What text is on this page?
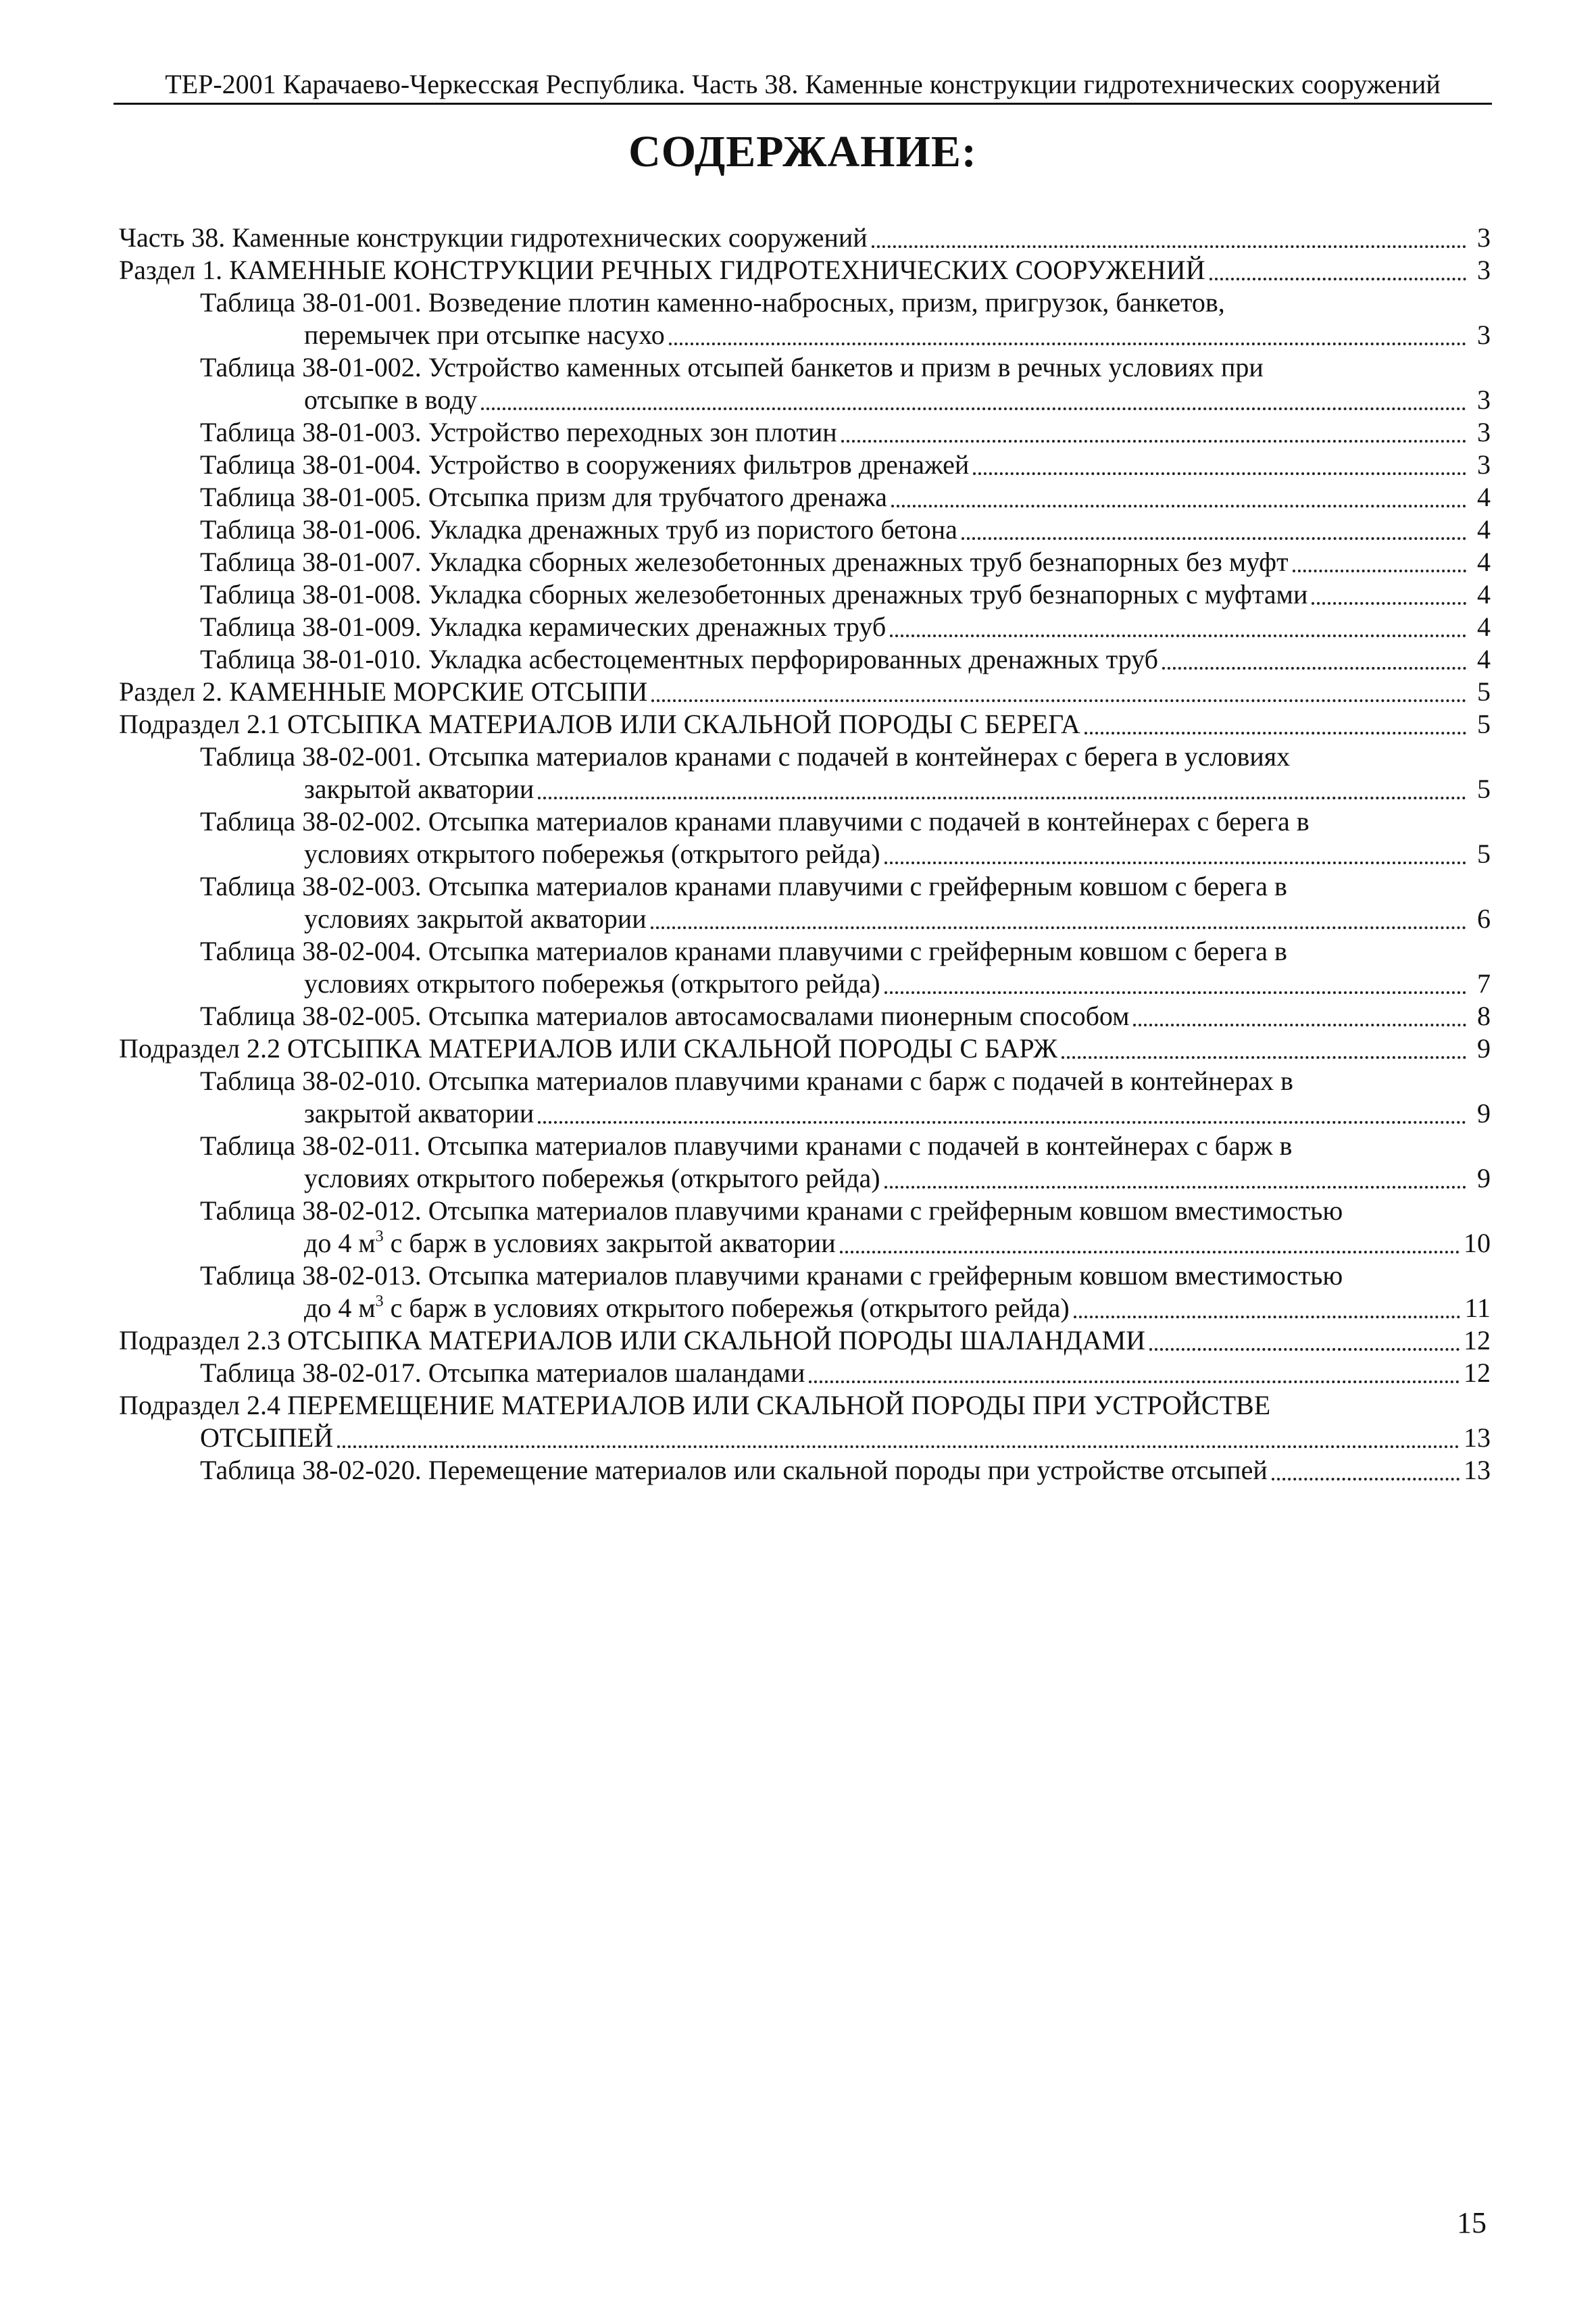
ТЕР-2001 Карачаево-Черкесская Республика. Часть 38. Каменные конструкции гидротехнических сооружений
СОДЕРЖАНИЕ:
Часть 38. Каменные конструкции гидротехнических сооружений	3
Раздел 1. КАМЕННЫЕ КОНСТРУКЦИИ РЕЧНЫХ ГИДРОТЕХНИЧЕСКИХ СООРУЖЕНИЙ	3
Таблица 38-01-001. Возведение плотин каменно-набросных, призм, пригрузок, банкетов,
перемычек при отсыпке насухо	3
Таблица 38-01-002. Устройство каменных отсыпей банкетов и призм в речных условиях при
отсыпке в воду	3
Таблица 38-01-003. Устройство переходных зон плотин	3
Таблица 38-01-004. Устройство в сооружениях фильтров дренажей	3
Таблица 38-01-005. Отсыпка призм для трубчатого дренажа	4
Таблица 38-01-006. Укладка дренажных труб из пористого бетона	4
Таблица 38-01-007. Укладка сборных железобетонных дренажных труб безнапорных без муфт	4
Таблица 38-01-008. Укладка сборных железобетонных дренажных труб безнапорных с муфтами	4
Таблица 38-01-009. Укладка керамических дренажных труб	4
Таблица 38-01-010. Укладка асбестоцементных перфорированных дренажных труб	4
Раздел 2. КАМЕННЫЕ МОРСКИЕ ОТСЫПИ	5
Подраздел 2.1 ОТСЫПКА МАТЕРИАЛОВ ИЛИ СКАЛЬНОЙ ПОРОДЫ С БЕРЕГА	5
Таблица 38-02-001. Отсыпка материалов кранами с подачей в контейнерах с берега в условиях
закрытой акватории	5
Таблица 38-02-002. Отсыпка материалов кранами плавучими с подачей в контейнерах с берега в
условиях открытого побережья (открытого рейда)	5
Таблица 38-02-003. Отсыпка материалов кранами плавучими с грейферным ковшом с берега в
условиях закрытой акватории	6
Таблица 38-02-004. Отсыпка материалов кранами плавучими с грейферным ковшом с берега в
условиях открытого побережья (открытого рейда)	7
Таблица 38-02-005. Отсыпка материалов автосамосвалами пионерным способом	8
Подраздел 2.2 ОТСЫПКА МАТЕРИАЛОВ ИЛИ СКАЛЬНОЙ ПОРОДЫ С БАРЖ	9
Таблица 38-02-010. Отсыпка материалов плавучими кранами с барж с подачей в контейнерах в
закрытой акватории	9
Таблица 38-02-011. Отсыпка материалов плавучими кранами с подачей в контейнерах с барж в
условиях открытого побережья (открытого рейда)	9
Таблица 38-02-012. Отсыпка материалов плавучими кранами с грейферным ковшом вместимостью
до 4 $м^3$ с барж в условиях закрытой акватории	10
Таблица 38-02-013. Отсыпка материалов плавучими кранами с грейферным ковшом вместимостью
до 4 $м^3$ с барж в условиях открытого побережья (открытого рейда)	11
Подраздел 2.3 ОТСЫПКА МАТЕРИАЛОВ ИЛИ СКАЛЬНОЙ ПОРОДЫ ШАЛАНДАМИ	12
Таблица 38-02-017. Отсыпка материалов шаландами	12
Подраздел 2.4 ПЕРЕМЕЩЕНИЕ МАТЕРИАЛОВ ИЛИ СКАЛЬНОЙ ПОРОДЫ ПРИ УСТРОЙСТВЕ
ОТСЫПЕЙ	13
Таблица 38-02-020. Перемещение материалов или скальной породы при устройстве отсыпей	13
15
